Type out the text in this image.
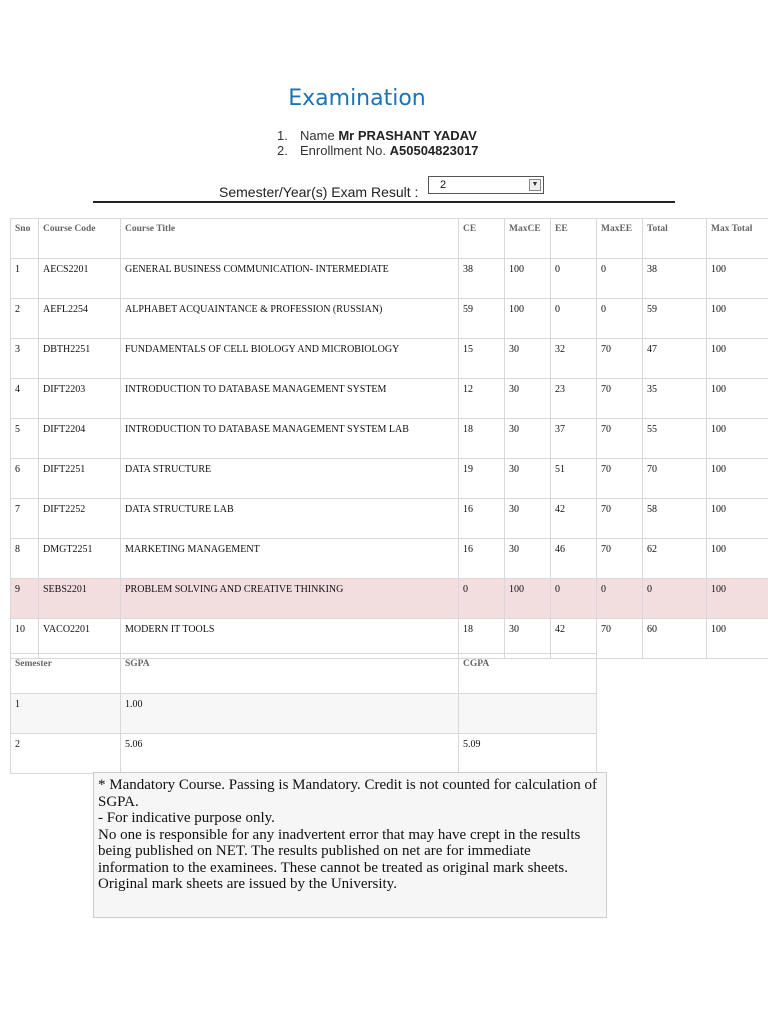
Examination
1. Name Mr PRASHANT YADAV
2. Enrollment No. A50504823017
Semester/Year(s) Exam Result : 2	▼
Sno	Course Code	Course Title	CE	MaxCE	EE	MaxEE	Total	Max Total
1	AECS2201	GENERAL BUSINESS COMMUNICATION- INTERMEDIATE	38	100	0	0	38	100
2	AEFL2254	ALPHABET ACQUAINTANCE & PROFESSION (RUSSIAN)	59	100	0	0	59	100
3	DBTH2251	FUNDAMENTALS OF CELL BIOLOGY AND MICROBIOLOGY	15	30	32	70	47	100
4	DIFT2203	INTRODUCTION TO DATABASE MANAGEMENT SYSTEM	12	30	23	70	35	100
5	DIFT2204	INTRODUCTION TO DATABASE MANAGEMENT SYSTEM LAB	18	30	37	70	55	100
6	DIFT2251	DATA STRUCTURE	19	30	51	70	70	100
7	DIFT2252	DATA STRUCTURE LAB	16	30	42	70	58	100
8	DMGT2251	MARKETING MANAGEMENT	16	30	46	70	62	100
9	SEBS2201	PROBLEM SOLVING AND CREATIVE THINKING	0	100	0	0	0	100
10	VACO2201	MODERN IT TOOLS	18	30	42	70	60	100
Semester	SGPA	CGPA
1	1.00	
2	5.06	5.09
* Mandatory Course. Passing is Mandatory. Credit is not counted for calculation of SGPA.
- For indicative purpose only.
No one is responsible for any inadvertent error that may have crept in the results being published on NET. The results published on net are for immediate information to the examinees. These cannot be treated as original mark sheets. Original mark sheets are issued by the University.
